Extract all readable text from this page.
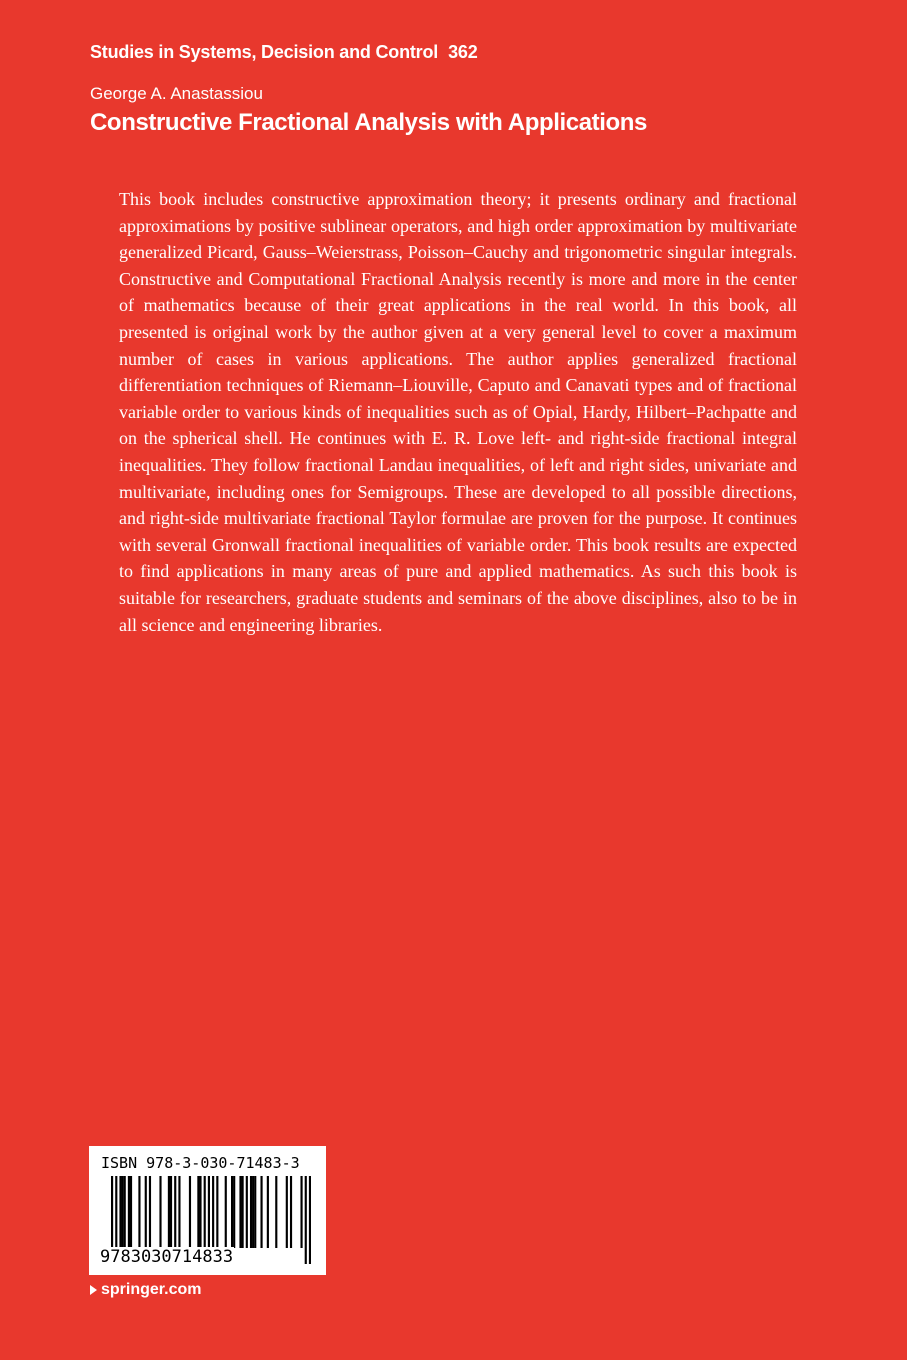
Studies in Systems, Decision and Control 362
George A. Anastassiou
Constructive Fractional Analysis with Applications
This book includes constructive approximation theory; it presents ordinary and fractional approximations by positive sublinear operators, and high order approximation by multivariate generalized Picard, Gauss–Weierstrass, Poisson–Cauchy and trigonometric singular integrals. Constructive and Computational Fractional Analysis recently is more and more in the center of mathematics because of their great applications in the real world. In this book, all presented is original work by the author given at a very general level to cover a maximum number of cases in various applications. The author applies generalized fractional differentiation techniques of Riemann–Liouville, Caputo and Canavati types and of fractional variable order to various kinds of inequalities such as of Opial, Hardy, Hilbert–Pachpatte and on the spherical shell. He continues with E. R. Love left- and right-side fractional integral inequalities. They follow fractional Landau inequalities, of left and right sides, univariate and multivariate, including ones for Semigroups. These are developed to all possible directions, and right-side multivariate fractional Taylor formulae are proven for the purpose. It continues with several Gronwall fractional inequalities of variable order. This book results are expected to find applications in many areas of pure and applied mathematics. As such this book is suitable for researchers, graduate students and seminars of the above disciplines, also to be in all science and engineering libraries.
ISBN 978-3-030-71483-3
9783030714833
springer.com
